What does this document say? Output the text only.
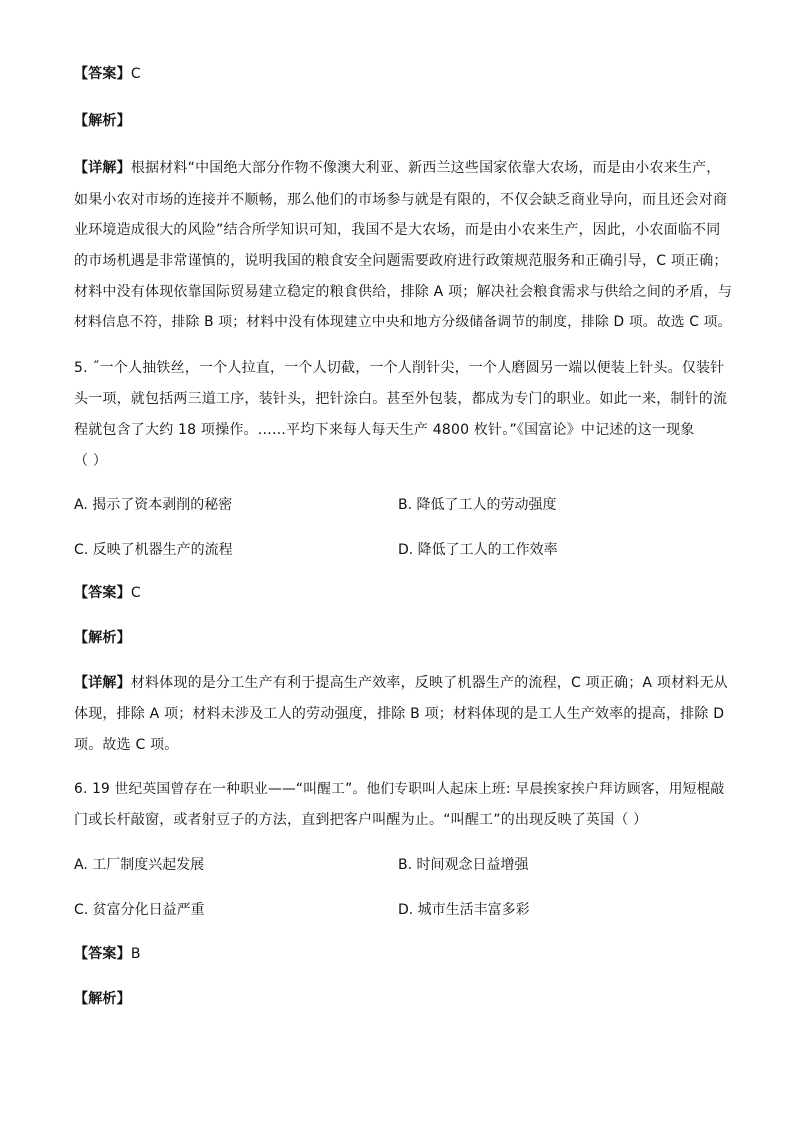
【答案】C
【解析】
【详解】根据材料“中国绝大部分作物不像澳大利亚、新西兰这些国家依靠大农场，而是由小农来生产，
如果小农对市场的连接并不顺畅，那么他们的市场参与就是有限的，不仅会缺乏商业导向，而且还会对商
业环境造成很大的风险”结合所学知识可知，我国不是大农场，而是由小农来生产，因此，小农面临不同
的市场机遇是非常谨慎的，说明我国的粮食安全问题需要政府进行政策规范服务和正确引导，C 项正确；
材料中没有体现依靠国际贸易建立稳定的粮食供给，排除 A 项；解决社会粮食需求与供给之间的矛盾，与
材料信息不符，排除 B 项；材料中没有体现建立中央和地方分级储备调节的制度，排除 D 项。故选 C 项。
5. ˝一个人抽铁丝，一个人拉直，一个人切截，一个人削针尖，一个人磨圆另一端以便装上针头。仅装针
头一项，就包括两三道工序，装针头，把针涂白。甚至外包装，都成为专门的职业。如此一来，制针的流
程就包含了大约 18 项操作。……平均下来每人每天生产 4800 枚针。”《国富论》中记述的这一现象
（ ）
A. 揭示了资本剥削的秘密	B. 降低了工人的劳动强度
C. 反映了机器生产的流程	D. 降低了工人的工作效率
【答案】C
【解析】
【详解】材料体现的是分工生产有利于提高生产效率，反映了机器生产的流程，C 项正确；A 项材料无从
体现，排除 A 项；材料未涉及工人的劳动强度，排除 B 项；材料体现的是工人生产效率的提高，排除 D
项。故选 C 项。
6. 19 世纪英国曾存在一种职业——“叫醒工”。他们专职叫人起床上班: 早晨挨家挨户拜访顾客，用短棍敲
门或长杆敲窗，或者射豆子的方法，直到把客户叫醒为止。“叫醒工”的出现反映了英国（ ）
A. 工厂制度兴起发展	B. 时间观念日益增强
C. 贫富分化日益严重	D. 城市生活丰富多彩
【答案】B
【解析】
